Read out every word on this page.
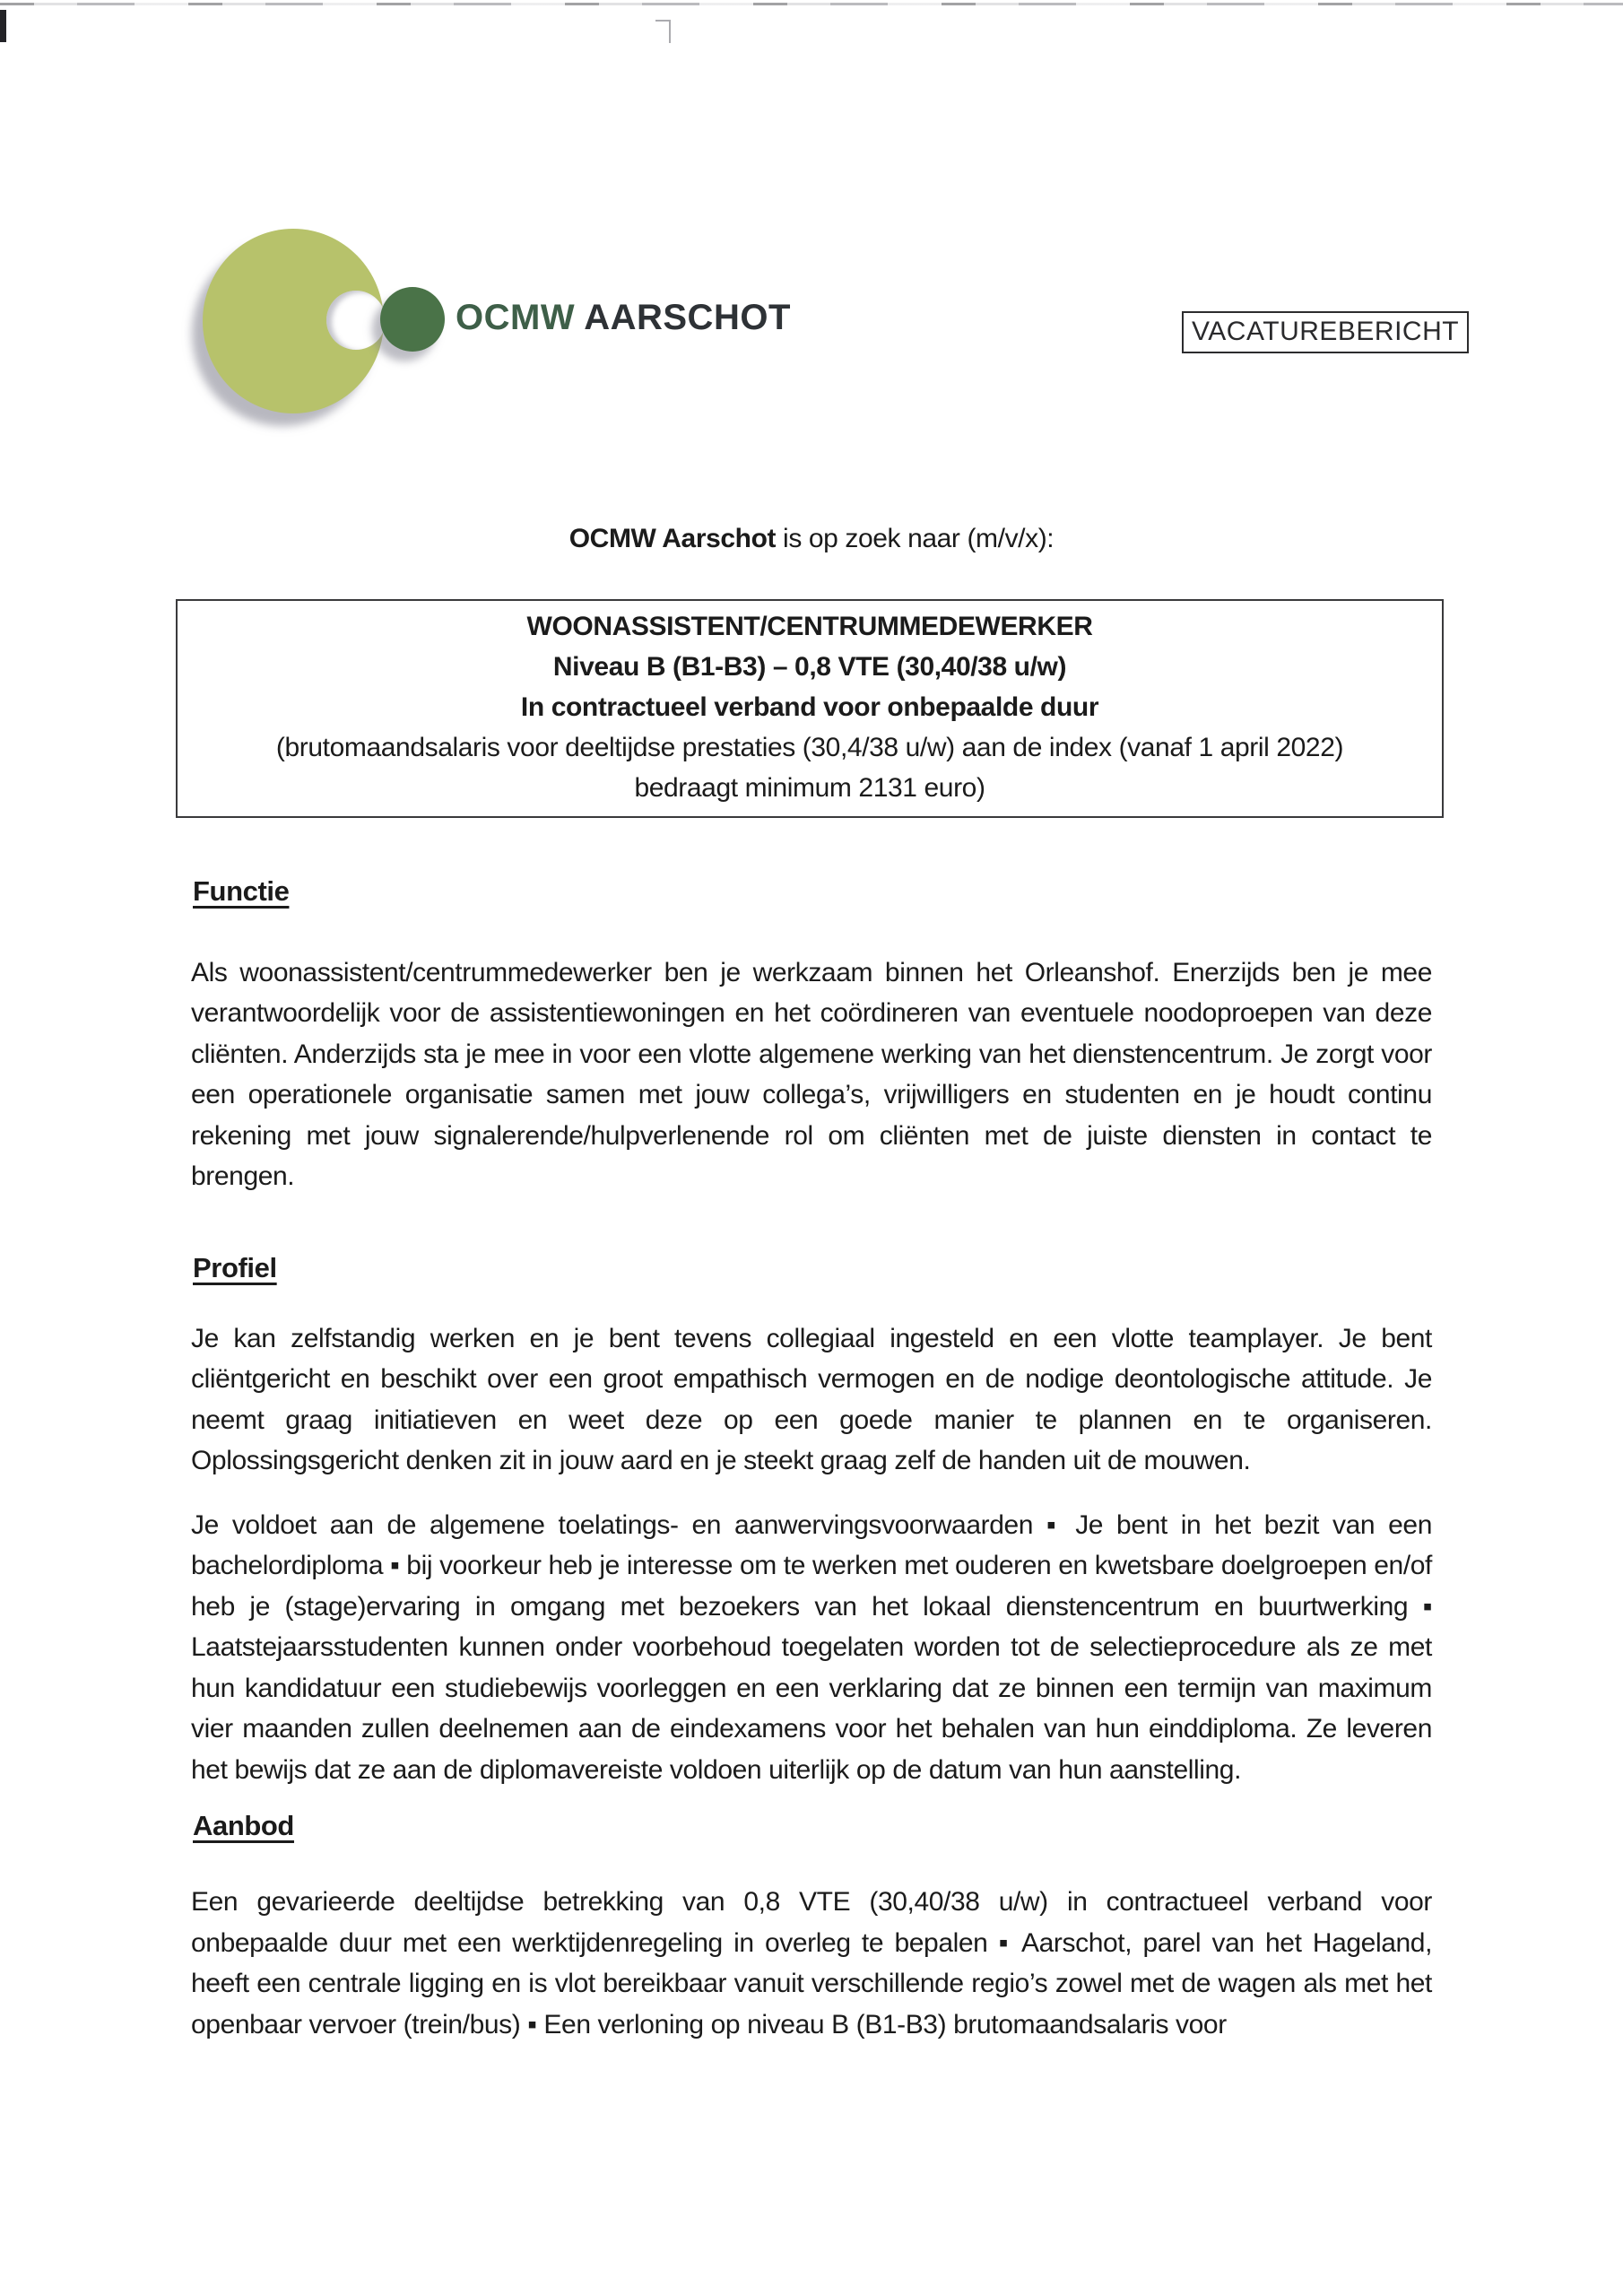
OCMW AARSCHOT	VACATUREBERICHT
OCMW Aarschot is op zoek naar (m/v/x):
WOONASSISTENT/CENTRUMMEDEWERKER
Niveau B (B1-B3) – 0,8 VTE (30,40/38 u/w)
In contractueel verband voor onbepaalde duur
(brutomaandsalaris voor deeltijdse prestaties (30,4/38 u/w) aan de index (vanaf 1 april 2022)
bedraagt minimum 2131 euro)
Functie
Als woonassistent/centrummedewerker ben je werkzaam binnen het Orleanshof. Enerzijds ben je mee verantwoordelijk voor de assistentiewoningen en het coördineren van eventuele noodoproepen van deze cliënten. Anderzijds sta je mee in voor een vlotte algemene werking van het dienstencentrum. Je zorgt voor een operationele organisatie samen met jouw collega’s, vrijwilligers en studenten en je houdt continu rekening met jouw signalerende/hulpverlenende rol om cliënten met de juiste diensten in contact te brengen.
Profiel
Je kan zelfstandig werken en je bent tevens collegiaal ingesteld en een vlotte teamplayer. Je bent cliëntgericht en beschikt over een groot empathisch vermogen en de nodige deontologische attitude. Je neemt graag initiatieven en weet deze op een goede manier te plannen en te organiseren. Oplossingsgericht denken zit in jouw aard en je steekt graag zelf de handen uit de mouwen.
Je voldoet aan de algemene toelatings- en aanwervingsvoorwaarden ▪ Je bent in het bezit van een bachelordiploma ▪ bij voorkeur heb je interesse om te werken met ouderen en kwetsbare doelgroepen en/of heb je (stage)ervaring in omgang met bezoekers van het lokaal dienstencentrum en buurtwerking ▪ Laatstejaarsstudenten kunnen onder voorbehoud toegelaten worden tot de selectieprocedure als ze met hun kandidatuur een studiebewijs voorleggen en een verklaring dat ze binnen een termijn van maximum vier maanden zullen deelnemen aan de eindexamens voor het behalen van hun einddiploma. Ze leveren het bewijs dat ze aan de diplomavereiste voldoen uiterlijk op de datum van hun aanstelling.
Aanbod
Een gevarieerde deeltijdse betrekking van 0,8 VTE (30,40/38 u/w) in contractueel verband voor onbepaalde duur met een werktijdenregeling in overleg te bepalen ▪ Aarschot, parel van het Hageland, heeft een centrale ligging en is vlot bereikbaar vanuit verschillende regio’s zowel met de wagen als met het openbaar vervoer (trein/bus) ▪ Een verloning op niveau B (B1-B3) brutomaandsalaris voor
